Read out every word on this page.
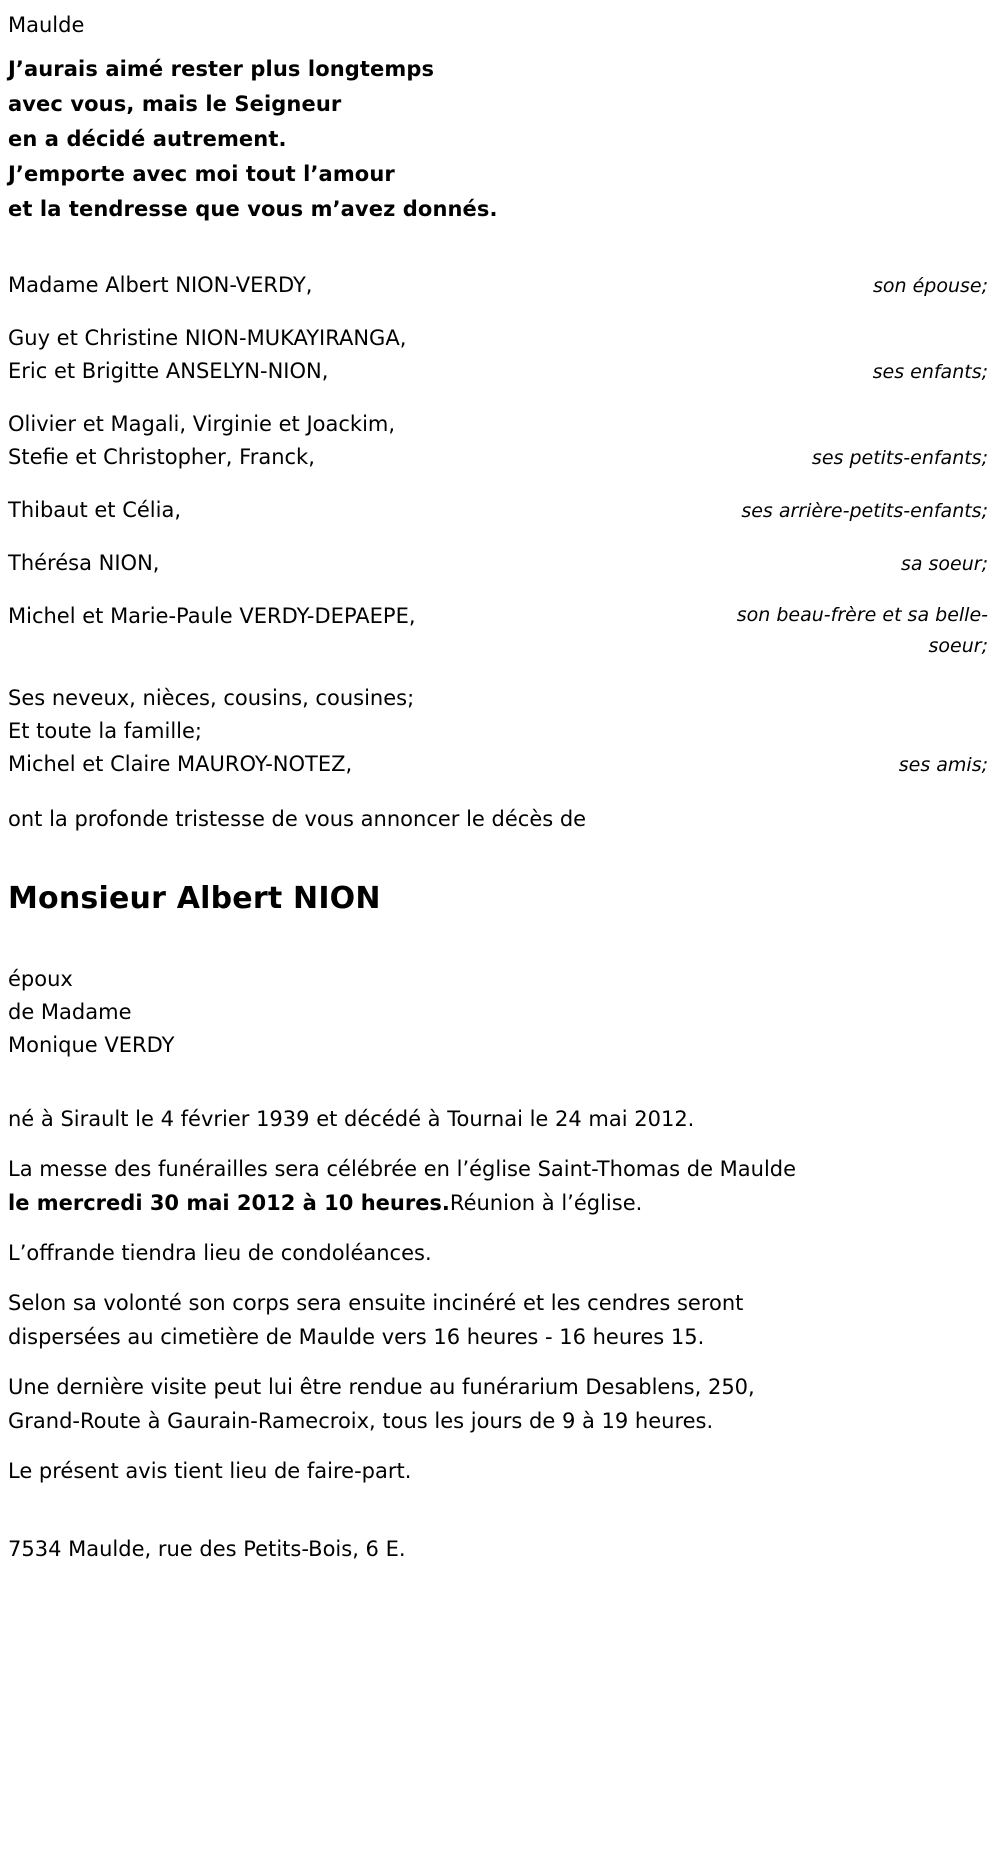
Maulde
J’aurais aimé rester plus longtemps
avec vous, mais le Seigneur
en a décidé autrement.
J’emporte avec moi tout l’amour
et la tendresse que vous m’avez donnés.
Madame Albert NION-VERDY,	son épouse;
Guy et Christine NION-MUKAYIRANGA,
Eric et Brigitte ANSELYN-NION,	ses enfants;
Olivier et Magali, Virginie et Joackim,
Stefie et Christopher, Franck,	ses petits-enfants;
Thibaut et Célia,	ses arrière-petits-enfants;
Thérésa NION,	sa soeur;
Michel et Marie-Paule VERDY-DEPAEPE,	son beau-frère et sa belle-soeur;
Ses neveux, nièces, cousins, cousines;
Et toute la famille;
Michel et Claire MAUROY-NOTEZ,	ses amis;
ont la profonde tristesse de vous annoncer le décès de
Monsieur Albert NION
époux
de Madame
Monique VERDY

né à Sirault le 4 février 1939 et décédé à Tournai le 24 mai 2012.

La messe des funérailles sera célébrée en l’église Saint-Thomas de Maulde le mercredi 30 mai 2012 à 10 heures.Réunion à l’église.

L’offrande tiendra lieu de condoléances.

Selon sa volonté son corps sera ensuite incinéré et les cendres seront dispersées au cimetière de Maulde vers 16 heures - 16 heures 15.

Une dernière visite peut lui être rendue au funérarium Desablens, 250, Grand-Route à Gaurain-Ramecroix, tous les jours de 9 à 19 heures.

Le présent avis tient lieu de faire-part.

7534 Maulde, rue des Petits-Bois, 6 E.
